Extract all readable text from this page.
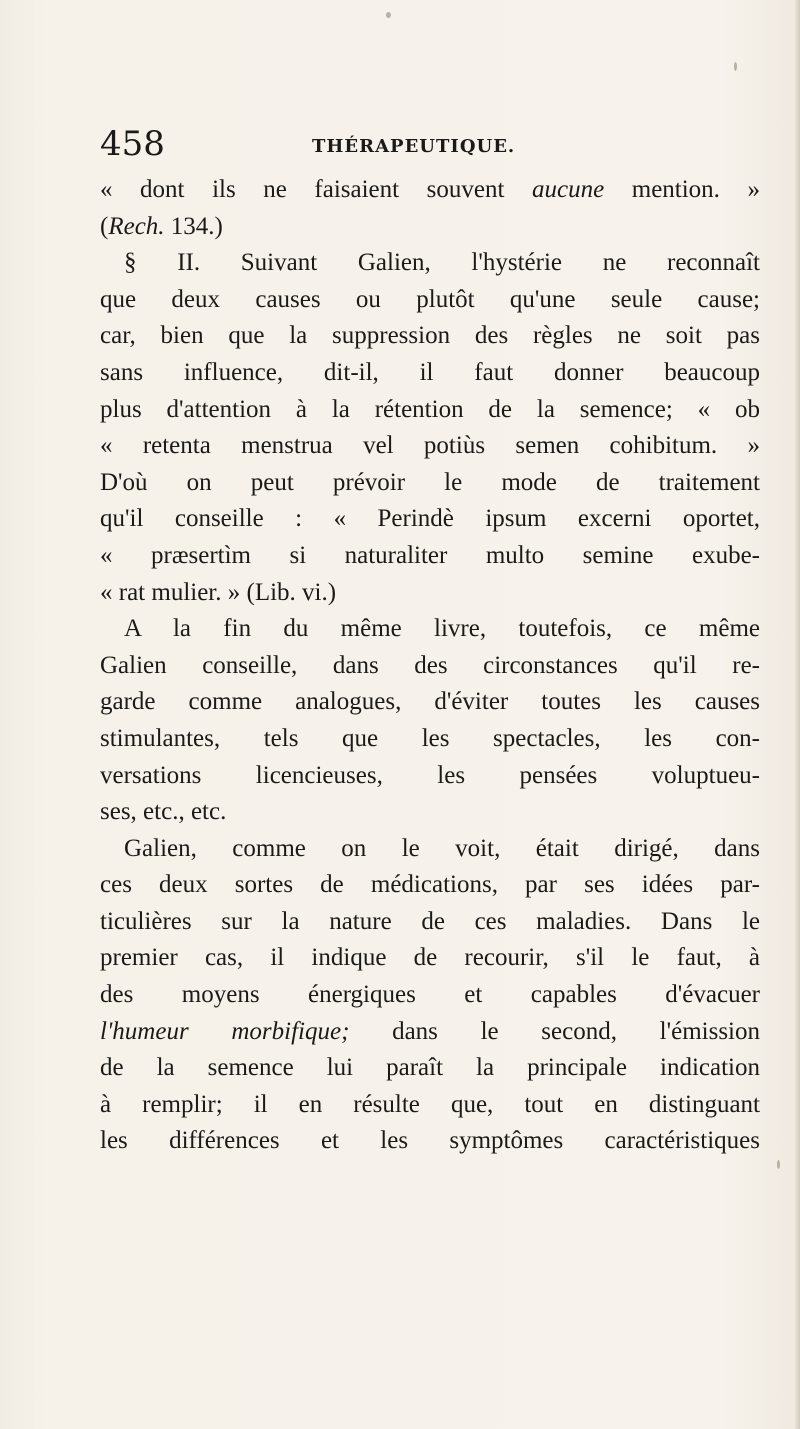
458	THÉRAPEUTIQUE.
« dont ils ne faisaient souvent aucune mention. »
(Rech. 134.)
§ II. Suivant Galien, l'hystérie ne reconnaît
que deux causes ou plutôt qu'une seule cause;
car, bien que la suppression des règles ne soit pas
sans influence, dit-il, il faut donner beaucoup
plus d'attention à la rétention de la semence; « ob
« retenta menstrua vel potiùs semen cohibitum. »
D'où on peut prévoir le mode de traitement
qu'il conseille : « Perindè ipsum excerni oportet,
« præsertìm si naturaliter multo semine exube-
« rat mulier. » (Lib. vi.)
A la fin du même livre, toutefois, ce même
Galien conseille, dans des circonstances qu'il re-
garde comme analogues, d'éviter toutes les causes
stimulantes, tels que les spectacles, les con-
versations licencieuses, les pensées voluptueu-
ses, etc., etc.
Galien, comme on le voit, était dirigé, dans
ces deux sortes de médications, par ses idées par-
ticulières sur la nature de ces maladies. Dans le
premier cas, il indique de recourir, s'il le faut, à
des moyens énergiques et capables d'évacuer
l'humeur morbifique; dans le second, l'émission
de la semence lui paraît la principale indication
à remplir; il en résulte que, tout en distinguant
les différences et les symptômes caractéristiques
